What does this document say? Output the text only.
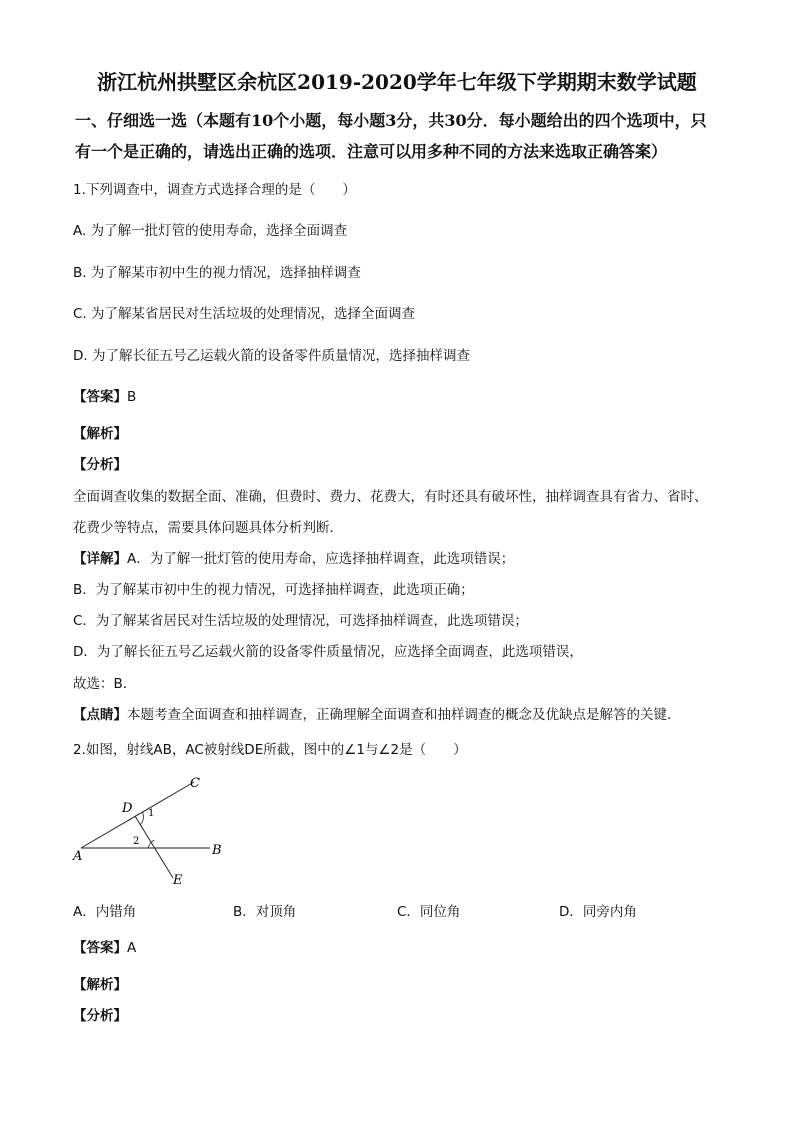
浙江杭州拱墅区余杭区2019-2020学年七年级下学期期末数学试题
一、仔细选一选（本题有10个小题，每小题3分，共30分．每小题给出的四个选项中，只
有一个是正确的，请选出正确的选项．注意可以用多种不同的方法来选取正确答案）
1.下列调查中，调查方式选择合理的是（　　）
A. 为了解一批灯管的使用寿命，选择全面调查
B. 为了解某市初中生的视力情况，选择抽样调查
C. 为了解某省居民对生活垃圾的处理情况，选择全面调查
D. 为了解长征五号乙运载火箭的设备零件质量情况，选择抽样调查
【答案】B
【解析】
【分析】
全面调查收集的数据全面、准确，但费时、费力、花费大，有时还具有破坏性，抽样调查具有省力、省时、
花费少等特点，需要具体问题具体分析判断．
【详解】A．为了解一批灯管的使用寿命，应选择抽样调查，此选项错误；
B．为了解某市初中生的视力情况，可选择抽样调查，此选项正确；
C．为了解某省居民对生活垃圾的处理情况，可选择抽样调查，此选项错误；
D．为了解长征五号乙运载火箭的设备零件质量情况，应选择全面调查，此选项错误，
故选：B．
【点睛】本题考查全面调查和抽样调查，正确理解全面调查和抽样调查的概念及优缺点是解答的关键．
2.如图，射线AB，AC被射线DE所截，图中的∠1与∠2是（　　）
A	B
C
D
E
1
2
A．内错角	B．对顶角	C．同位角	D．同旁内角
【答案】A
【解析】
【分析】
